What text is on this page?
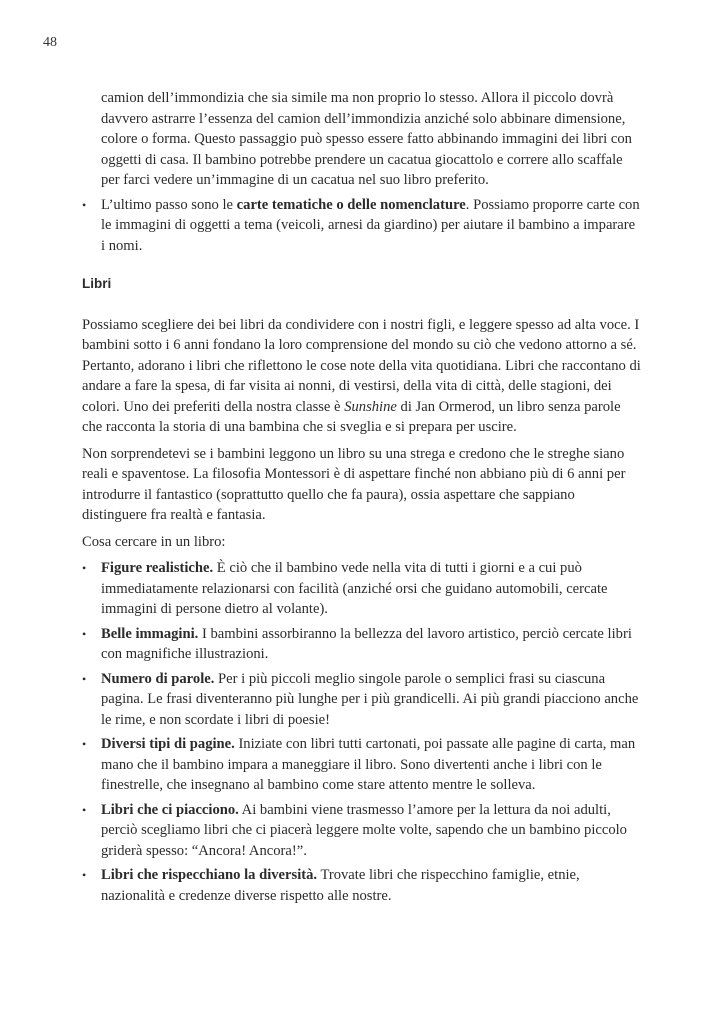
48

camion dell’immondizia che sia simile ma non proprio lo stesso. Allora il piccolo dovrà davvero astrarre l’essenza del camion dell’immondizia anziché solo abbinare dimensione, colore o forma. Questo passaggio può spesso essere fatto abbinando immagini dei libri con oggetti di casa. Il bambino potrebbe prendere un cacatua giocattolo e correre allo scaffale per farci vedere un’immagine di un cacatua nel suo libro preferito.

• L’ultimo passo sono le carte tematiche o delle nomenclature. Possiamo proporre carte con le immagini di oggetti a tema (veicoli, arnesi da giardino) per aiutare il bambino a imparare i nomi.
Libri

Possiamo scegliere dei bei libri da condividere con i nostri figli, e leggere spesso ad alta voce. I bambini sotto i 6 anni fondano la loro comprensione del mondo su ciò che vedono attorno a sé. Pertanto, adorano i libri che riflettono le cose note della vita quotidiana. Libri che raccontano di andare a fare la spesa, di far visita ai nonni, di vestirsi, della vita di città, delle stagioni, dei colori. Uno dei preferiti della nostra classe è Sunshine di Jan Ormerod, un libro senza parole che racconta la storia di una bambina che si sveglia e si prepara per uscire.

Non sorprendetevi se i bambini leggono un libro su una strega e credono che le streghe siano reali e spaventose. La filosofia Montessori è di aspettare finché non abbiano più di 6 anni per introdurre il fantastico (soprattutto quello che fa paura), ossia aspettare che sappiano distinguere fra realtà e fantasia.

Cosa cercare in un libro:

• Figure realistiche. È ciò che il bambino vede nella vita di tutti i giorni e a cui può immediatamente relazionarsi con facilità (anziché orsi che guidano automobili, cercate immagini di persone dietro al volante).
• Belle immagini. I bambini assorbiranno la bellezza del lavoro artistico, perciò cercate libri con magnifiche illustrazioni.
• Numero di parole. Per i più piccoli meglio singole parole o semplici frasi su ciascuna pagina. Le frasi diventeranno più lunghe per i più grandicelli. Ai più grandi piacciono anche le rime, e non scordate i libri di poesie!
• Diversi tipi di pagine. Iniziate con libri tutti cartonati, poi passate alle pagine di carta, man mano che il bambino impara a maneggiare il libro. Sono divertenti anche i libri con le finestrelle, che insegnano al bambino come stare attento mentre le solleva.
• Libri che ci piacciono. Ai bambini viene trasmesso l’amore per la lettura da noi adulti, perciò scegliamo libri che ci piacerà leggere molte volte, sapendo che un bambino piccolo griderà spesso: “Ancora! Ancora!”.
• Libri che rispecchiano la diversità. Trovate libri che rispecchino famiglie, etnie, nazionalità e credenze diverse rispetto alle nostre.
